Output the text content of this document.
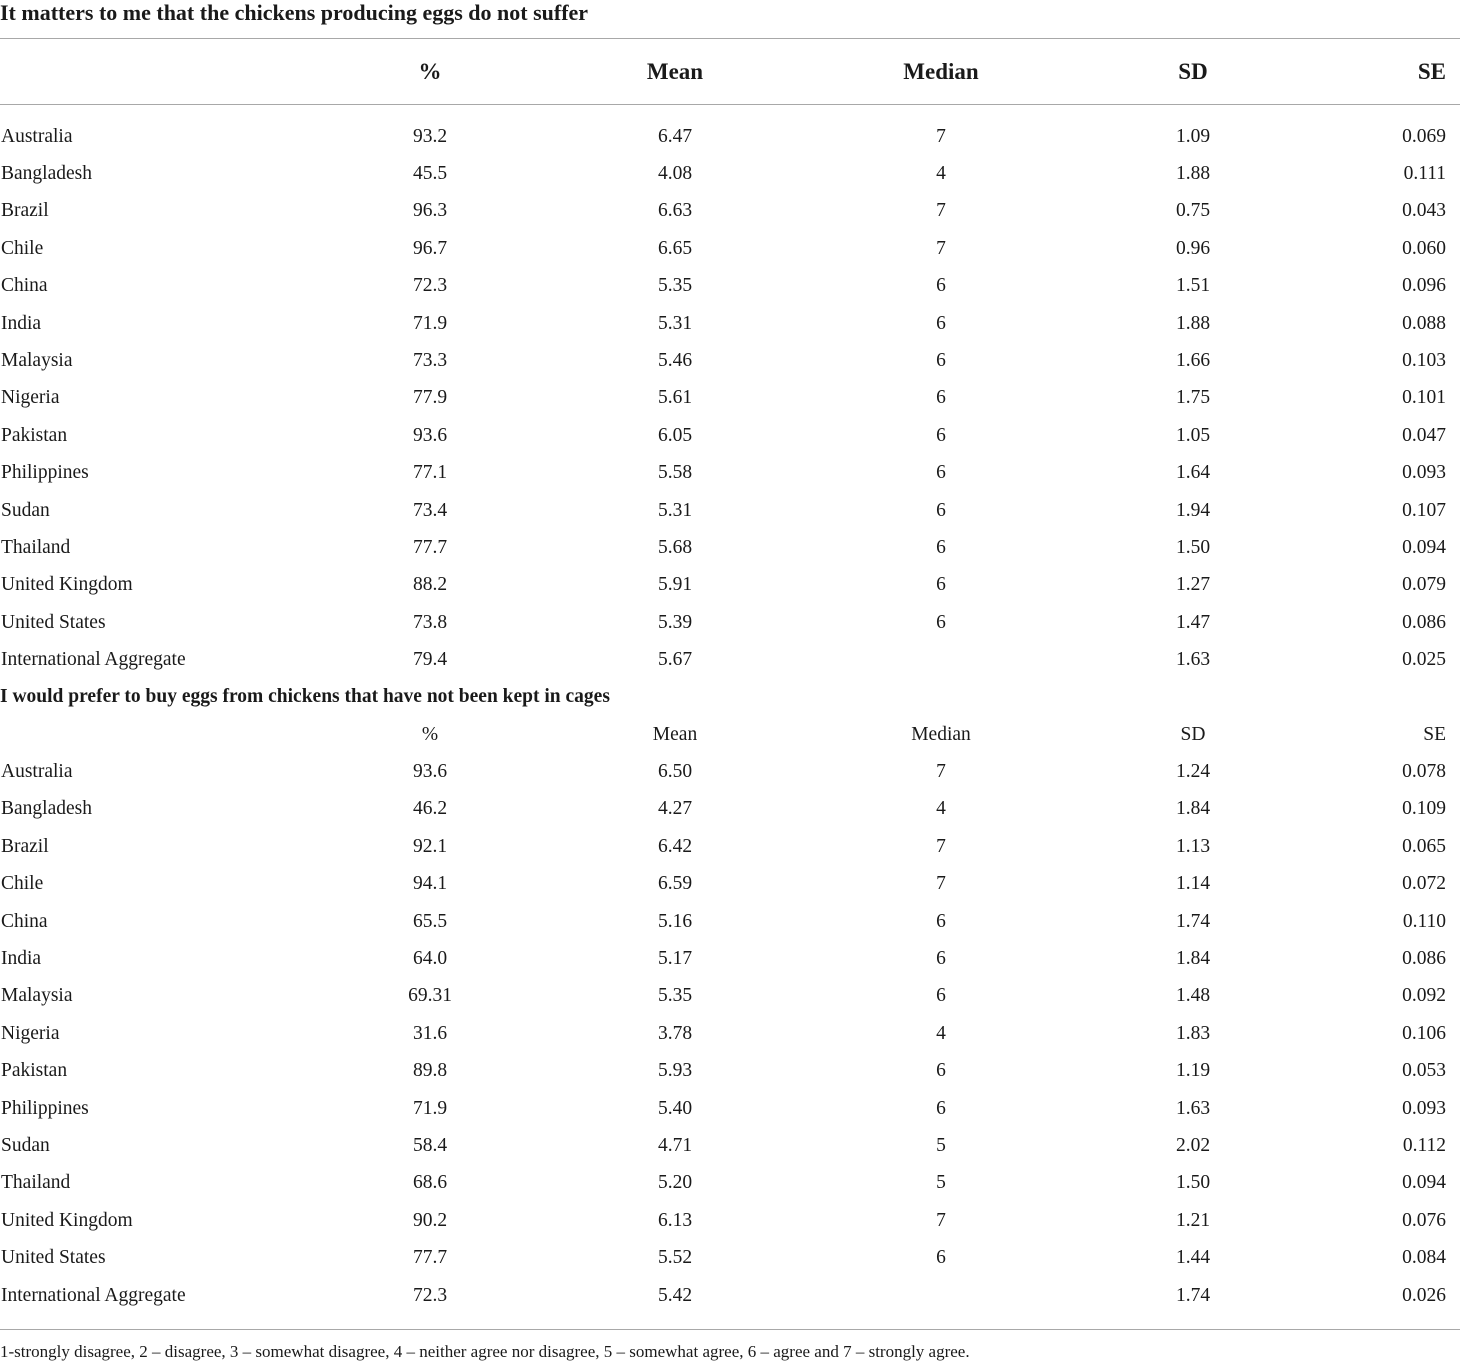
It matters to me that the chickens producing eggs do not suffer
	%	Mean	Median	SD	SE
Australia	93.2	6.47	7	1.09	0.069
Bangladesh	45.5	4.08	4	1.88	0.111
Brazil	96.3	6.63	7	0.75	0.043
Chile	96.7	6.65	7	0.96	0.060
China	72.3	5.35	6	1.51	0.096
India	71.9	5.31	6	1.88	0.088
Malaysia	73.3	5.46	6	1.66	0.103
Nigeria	77.9	5.61	6	1.75	0.101
Pakistan	93.6	6.05	6	1.05	0.047
Philippines	77.1	5.58	6	1.64	0.093
Sudan	73.4	5.31	6	1.94	0.107
Thailand	77.7	5.68	6	1.50	0.094
United Kingdom	88.2	5.91	6	1.27	0.079
United States	73.8	5.39	6	1.47	0.086
International Aggregate	79.4	5.67		1.63	0.025
I would prefer to buy eggs from chickens that have not been kept in cages
	%	Mean	Median	SD	SE
Australia	93.6	6.50	7	1.24	0.078
Bangladesh	46.2	4.27	4	1.84	0.109
Brazil	92.1	6.42	7	1.13	0.065
Chile	94.1	6.59	7	1.14	0.072
China	65.5	5.16	6	1.74	0.110
India	64.0	5.17	6	1.84	0.086
Malaysia	69.31	5.35	6	1.48	0.092
Nigeria	31.6	3.78	4	1.83	0.106
Pakistan	89.8	5.93	6	1.19	0.053
Philippines	71.9	5.40	6	1.63	0.093
Sudan	58.4	4.71	5	2.02	0.112
Thailand	68.6	5.20	5	1.50	0.094
United Kingdom	90.2	6.13	7	1.21	0.076
United States	77.7	5.52	6	1.44	0.084
International Aggregate	72.3	5.42		1.74	0.026
1-strongly disagree, 2 – disagree, 3 – somewhat disagree, 4 – neither agree nor disagree, 5 – somewhat agree, 6 – agree and 7 – strongly agree.
